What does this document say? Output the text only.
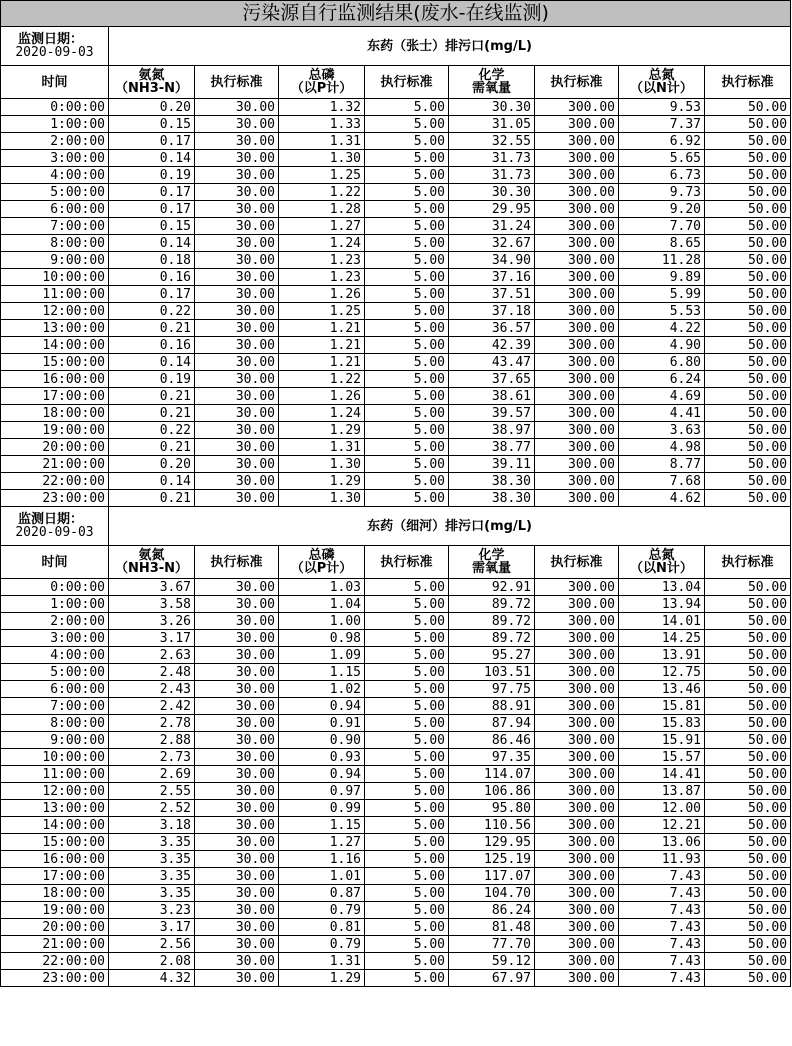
污染源自行监测结果(废水-在线监测)								

监测日期：
2020-09-03	东药（张士）排污口(mg/L)							

时间	氨氮
（NH3-N）	执行标准	总磷
（以P计）	执行标准	化学
需氧量	执行标准	总氮
（以N计）	执行标准

0:00:00	0.20	30.00	1.32	5.00	30.30	300.00	9.53	50.00
1:00:00	0.15	30.00	1.33	5.00	31.05	300.00	7.37	50.00
2:00:00	0.17	30.00	1.31	5.00	32.55	300.00	6.92	50.00
3:00:00	0.14	30.00	1.30	5.00	31.73	300.00	5.65	50.00
4:00:00	0.19	30.00	1.25	5.00	31.73	300.00	6.73	50.00
5:00:00	0.17	30.00	1.22	5.00	30.30	300.00	9.73	50.00
6:00:00	0.17	30.00	1.28	5.00	29.95	300.00	9.20	50.00
7:00:00	0.15	30.00	1.27	5.00	31.24	300.00	7.70	50.00
8:00:00	0.14	30.00	1.24	5.00	32.67	300.00	8.65	50.00
9:00:00	0.18	30.00	1.23	5.00	34.90	300.00	11.28	50.00
10:00:00	0.16	30.00	1.23	5.00	37.16	300.00	9.89	50.00
11:00:00	0.17	30.00	1.26	5.00	37.51	300.00	5.99	50.00
12:00:00	0.22	30.00	1.25	5.00	37.18	300.00	5.53	50.00
13:00:00	0.21	30.00	1.21	5.00	36.57	300.00	4.22	50.00
14:00:00	0.16	30.00	1.21	5.00	42.39	300.00	4.90	50.00
15:00:00	0.14	30.00	1.21	5.00	43.47	300.00	6.80	50.00
16:00:00	0.19	30.00	1.22	5.00	37.65	300.00	6.24	50.00
17:00:00	0.21	30.00	1.26	5.00	38.61	300.00	4.69	50.00
18:00:00	0.21	30.00	1.24	5.00	39.57	300.00	4.41	50.00
19:00:00	0.22	30.00	1.29	5.00	38.97	300.00	3.63	50.00
20:00:00	0.21	30.00	1.31	5.00	38.77	300.00	4.98	50.00
21:00:00	0.20	30.00	1.30	5.00	39.11	300.00	8.77	50.00
22:00:00	0.14	30.00	1.29	5.00	38.30	300.00	7.68	50.00
23:00:00	0.21	30.00	1.30	5.00	38.30	300.00	4.62	50.00

监测日期：
2020-09-03	东药（细河）排污口(mg/L)							

时间	氨氮
（NH3-N）	执行标准	总磷
（以P计）	执行标准	化学
需氧量	执行标准	总氮
（以N计）	执行标准

0:00:00	3.67	30.00	1.03	5.00	92.91	300.00	13.04	50.00
1:00:00	3.58	30.00	1.04	5.00	89.72	300.00	13.94	50.00
2:00:00	3.26	30.00	1.00	5.00	89.72	300.00	14.01	50.00
3:00:00	3.17	30.00	0.98	5.00	89.72	300.00	14.25	50.00
4:00:00	2.63	30.00	1.09	5.00	95.27	300.00	13.91	50.00
5:00:00	2.48	30.00	1.15	5.00	103.51	300.00	12.75	50.00
6:00:00	2.43	30.00	1.02	5.00	97.75	300.00	13.46	50.00
7:00:00	2.42	30.00	0.94	5.00	88.91	300.00	15.81	50.00
8:00:00	2.78	30.00	0.91	5.00	87.94	300.00	15.83	50.00
9:00:00	2.88	30.00	0.90	5.00	86.46	300.00	15.91	50.00
10:00:00	2.73	30.00	0.93	5.00	97.35	300.00	15.57	50.00
11:00:00	2.69	30.00	0.94	5.00	114.07	300.00	14.41	50.00
12:00:00	2.55	30.00	0.97	5.00	106.86	300.00	13.87	50.00
13:00:00	2.52	30.00	0.99	5.00	95.80	300.00	12.00	50.00
14:00:00	3.18	30.00	1.15	5.00	110.56	300.00	12.21	50.00
15:00:00	3.35	30.00	1.27	5.00	129.95	300.00	13.06	50.00
16:00:00	3.35	30.00	1.16	5.00	125.19	300.00	11.93	50.00
17:00:00	3.35	30.00	1.01	5.00	117.07	300.00	7.43	50.00
18:00:00	3.35	30.00	0.87	5.00	104.70	300.00	7.43	50.00
19:00:00	3.23	30.00	0.79	5.00	86.24	300.00	7.43	50.00
20:00:00	3.17	30.00	0.81	5.00	81.48	300.00	7.43	50.00
21:00:00	2.56	30.00	0.79	5.00	77.70	300.00	7.43	50.00
22:00:00	2.08	30.00	1.31	5.00	59.12	300.00	7.43	50.00
23:00:00	4.32	30.00	1.29	5.00	67.97	300.00	7.43	50.00
